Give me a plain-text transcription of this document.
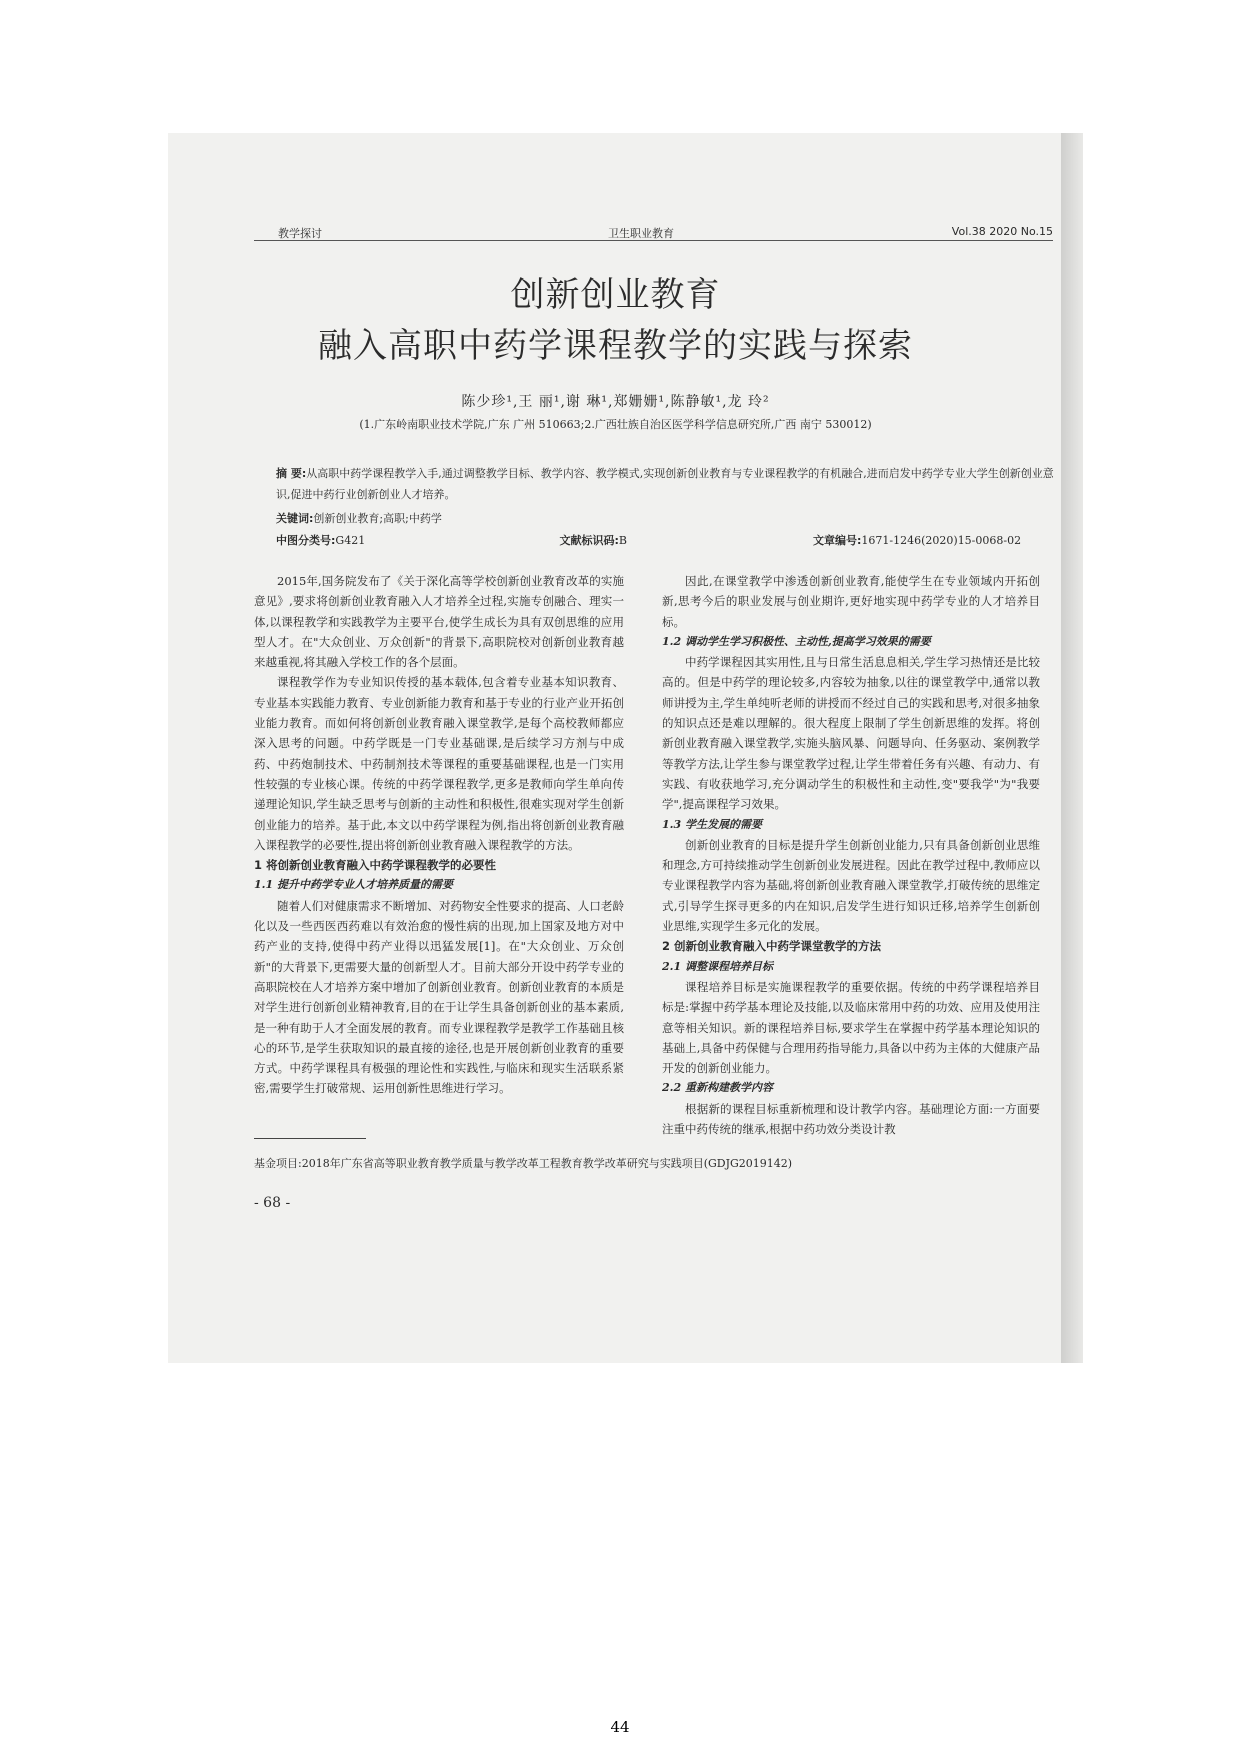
教学探讨	卫生职业教育	Vol.38 2020 No.15
创新创业教育
融入高职中药学课程教学的实践与探索
陈少珍¹,王 丽¹,谢 琳¹,郑姗姗¹,陈静敏¹,龙 玲²
(1.广东岭南职业技术学院,广东 广州 510663;2.广西壮族自治区医学科学信息研究所,广西 南宁 530012)
摘 要:从高职中药学课程教学入手,通过调整教学目标、教学内容、教学模式,实现创新创业教育与专业课程教学的有机融合,进而启发中药学专业大学生创新创业意识,促进中药行业创新创业人才培养。
关键词:创新创业教育;高职;中药学
中图分类号:G421	文献标识码:B	文章编号:1671-1246(2020)15-0068-02

2015年,国务院发布了《关于深化高等学校创新创业教育改革的实施意见》,要求将创新创业教育融入人才培养全过程,实施专创融合、理实一体,以课程教学和实践教学为主要平台,使学生成长为具有双创思维的应用型人才。在"大众创业、万众创新"的背景下,高职院校对创新创业教育越来越重视,将其融入学校工作的各个层面。

课程教学作为专业知识传授的基本载体,包含着专业基本知识教育、专业基本实践能力教育、专业创新能力教育和基于专业的行业产业开拓创业能力教育。而如何将创新创业教育融入课堂教学,是每个高校教师都应深入思考的问题。中药学既是一门专业基础课,是后续学习方剂与中成药、中药炮制技术、中药制剂技术等课程的重要基础课程,也是一门实用性较强的专业核心课。传统的中药学课程教学,更多是教师向学生单向传递理论知识,学生缺乏思考与创新的主动性和积极性,很难实现对学生创新创业能力的培养。基于此,本文以中药学课程为例,指出将创新创业教育融入课程教学的必要性,提出将创新创业教育融入课程教学的方法。

1 将创新创业教育融入中药学课程教学的必要性
1.1 提升中药学专业人才培养质量的需要

随着人们对健康需求不断增加、对药物安全性要求的提高、人口老龄化以及一些西医西药难以有效治愈的慢性病的出现,加上国家及地方对中药产业的支持,使得中药产业得以迅猛发展[1]。在"大众创业、万众创新"的大背景下,更需要大量的创新型人才。目前大部分开设中药学专业的高职院校在人才培养方案中增加了创新创业教育。创新创业教育的本质是对学生进行创新创业精神教育,目的在于让学生具备创新创业的基本素质,是一种有助于人才全面发展的教育。而专业课程教学是教学工作基础且核心的环节,是学生获取知识的最直接的途径,也是开展创新创业教育的重要方式。中药学课程具有极强的理论性和实践性,与临床和现实生活联系紧密,需要学生打破常规、运用创新性思维进行学习。

因此,在课堂教学中渗透创新创业教育,能使学生在专业领域内开拓创新,思考今后的职业发展与创业期许,更好地实现中药学专业的人才培养目标。

1.2 调动学生学习积极性、主动性,提高学习效果的需要

中药学课程因其实用性,且与日常生活息息相关,学生学习热情还是比较高的。但是中药学的理论较多,内容较为抽象,以往的课堂教学中,通常以教师讲授为主,学生单纯听老师的讲授而不经过自己的实践和思考,对很多抽象的知识点还是难以理解的。很大程度上限制了学生创新思维的发挥。将创新创业教育融入课堂教学,实施头脑风暴、问题导向、任务驱动、案例教学等教学方法,让学生参与课堂教学过程,让学生带着任务有兴趣、有动力、有实践、有收获地学习,充分调动学生的积极性和主动性,变"要我学"为"我要学",提高课程学习效果。

1.3 学生发展的需要

创新创业教育的目标是提升学生创新创业能力,只有具备创新创业思维和理念,方可持续推动学生创新创业发展进程。因此在教学过程中,教师应以专业课程教学内容为基础,将创新创业教育融入课堂教学,打破传统的思维定式,引导学生探寻更多的内在知识,启发学生进行知识迁移,培养学生创新创业思维,实现学生多元化的发展。

2 创新创业教育融入中药学课堂教学的方法
2.1 调整课程培养目标

课程培养目标是实施课程教学的重要依据。传统的中药学课程培养目标是:掌握中药学基本理论及技能,以及临床常用中药的功效、应用及使用注意等相关知识。新的课程培养目标,要求学生在掌握中药学基本理论知识的基础上,具备中药保健与合理用药指导能力,具备以中药为主体的大健康产品开发的创新创业能力。

2.2 重新构建教学内容

根据新的课程目标重新梳理和设计教学内容。基础理论方面:一方面要注重中药传统的继承,根据中药功效分类设计教

基金项目:2018年广东省高等职业教育教学质量与教学改革工程教育教学改革研究与实践项目(GDJG2019142)
- 68 -
44
